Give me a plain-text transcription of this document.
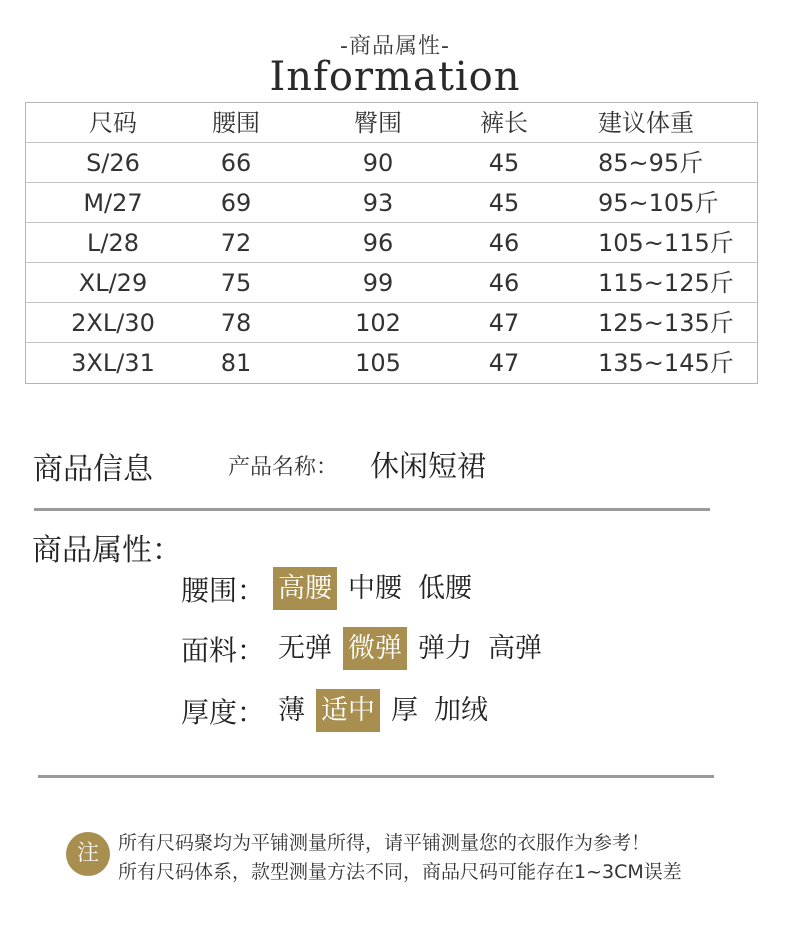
-商品属性-
Information
尺码	腰围	臀围	裤长	建议体重
S/26	66	90	45	85~95斤
M/27	69	93	45	95~105斤
L/28	72	96	46	105~115斤
XL/29	75	99	46	115~125斤
2XL/30	78	102	47	125~135斤
3XL/31	81	105	47	135~145斤
商品信息	产品名称： 休闲短裙
商品属性：
腰围： 高腰 中腰 低腰
面料： 无弹 微弹 弹力 高弹
厚度： 薄 适中 厚 加绒
注	所有尺码聚均为平铺测量所得，请平铺测量您的衣服作为参考！
所有尺码体系，款型测量方法不同，商品尺码可能存在1~3CM误差
